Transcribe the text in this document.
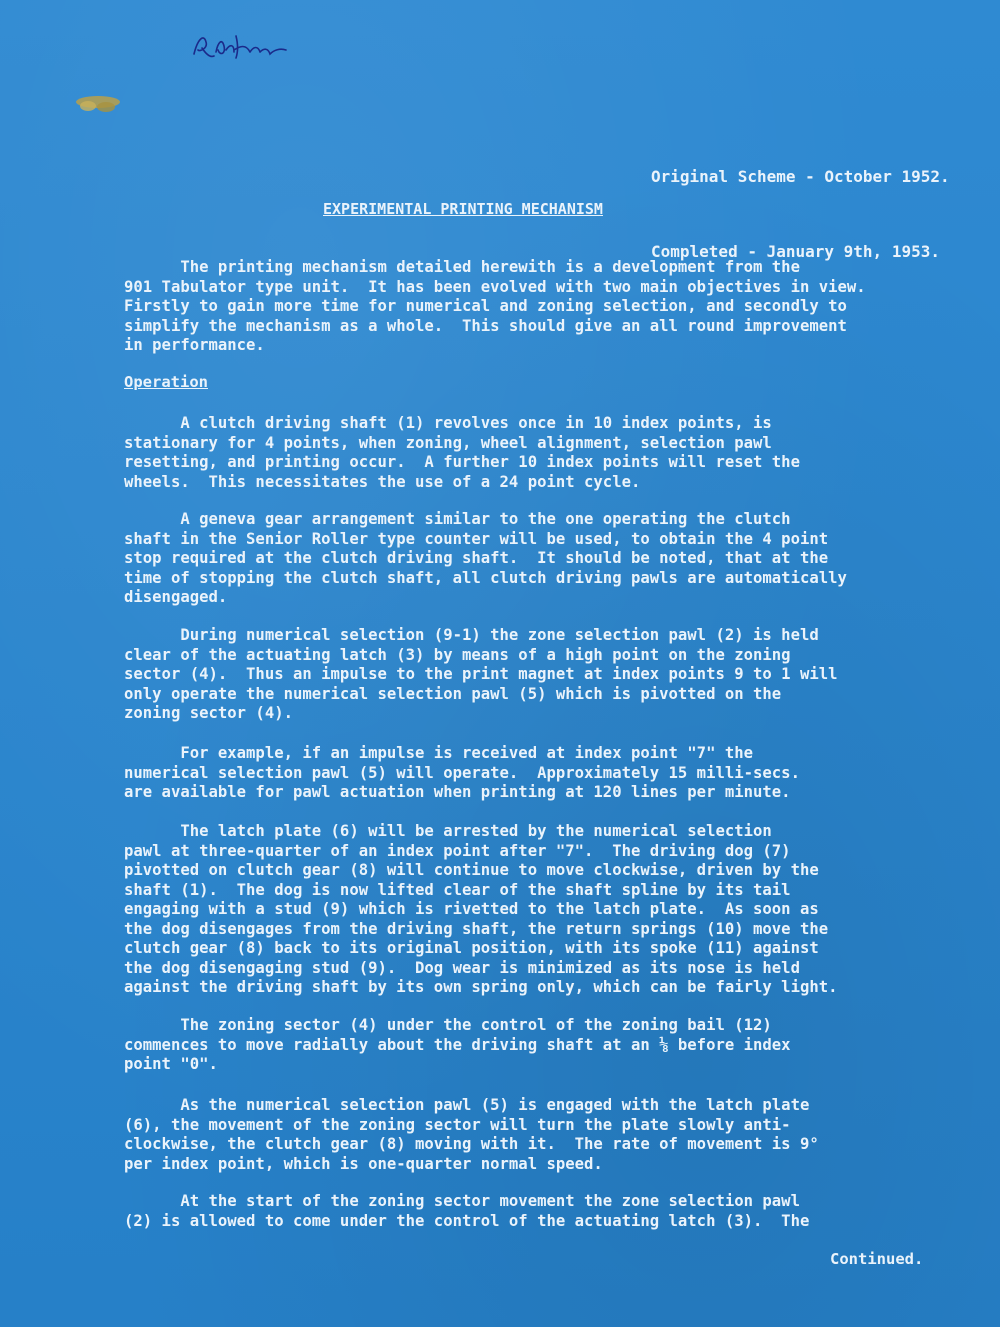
Original Scheme - October 1952.

Completed - January 9th, 1953.

EXPERIMENTAL PRINTING MECHANISM
Operation
The printing mechanism detailed herewith is a development from the
901 Tabulator type unit.  It has been evolved with two main objectives in view.
Firstly to gain more time for numerical and zoning selection, and secondly to
simplify the mechanism as a whole.  This should give an all round improvement
in performance.
A clutch driving shaft (1) revolves once in 10 index points, is
stationary for 4 points, when zoning, wheel alignment, selection pawl
resetting, and printing occur.  A further 10 index points will reset the
wheels.  This necessitates the use of a 24 point cycle.
A geneva gear arrangement similar to the one operating the clutch
shaft in the Senior Roller type counter will be used, to obtain the 4 point
stop required at the clutch driving shaft.  It should be noted, that at the
time of stopping the clutch shaft, all clutch driving pawls are automatically
disengaged.
During numerical selection (9-1) the zone selection pawl (2) is held
clear of the actuating latch (3) by means of a high point on the zoning
sector (4).  Thus an impulse to the print magnet at index points 9 to 1 will
only operate the numerical selection pawl (5) which is pivotted on the
zoning sector (4).
For example, if an impulse is received at index point "7" the
numerical selection pawl (5) will operate.  Approximately 15 milli-secs.
are available for pawl actuation when printing at 120 lines per minute.
The latch plate (6) will be arrested by the numerical selection
pawl at three-quarter of an index point after "7".  The driving dog (7)
pivotted on clutch gear (8) will continue to move clockwise, driven by the
shaft (1).  The dog is now lifted clear of the shaft spline by its tail
engaging with a stud (9) which is rivetted to the latch plate.  As soon as
the dog disengages from the driving shaft, the return springs (10) move the
clutch gear (8) back to its original position, with its spoke (11) against
the dog disengaging stud (9).  Dog wear is minimized as its nose is held
against the driving shaft by its own spring only, which can be fairly light.
The zoning sector (4) under the control of the zoning bail (12)
commences to move radially about the driving shaft at an ⅛ before index
point "0".
As the numerical selection pawl (5) is engaged with the latch plate
(6), the movement of the zoning sector will turn the plate slowly anti-
clockwise, the clutch gear (8) moving with it.  The rate of movement is 9°
per index point, which is one-quarter normal speed.
At the start of the zoning sector movement the zone selection pawl
(2) is allowed to come under the control of the actuating latch (3).  The
Continued.
